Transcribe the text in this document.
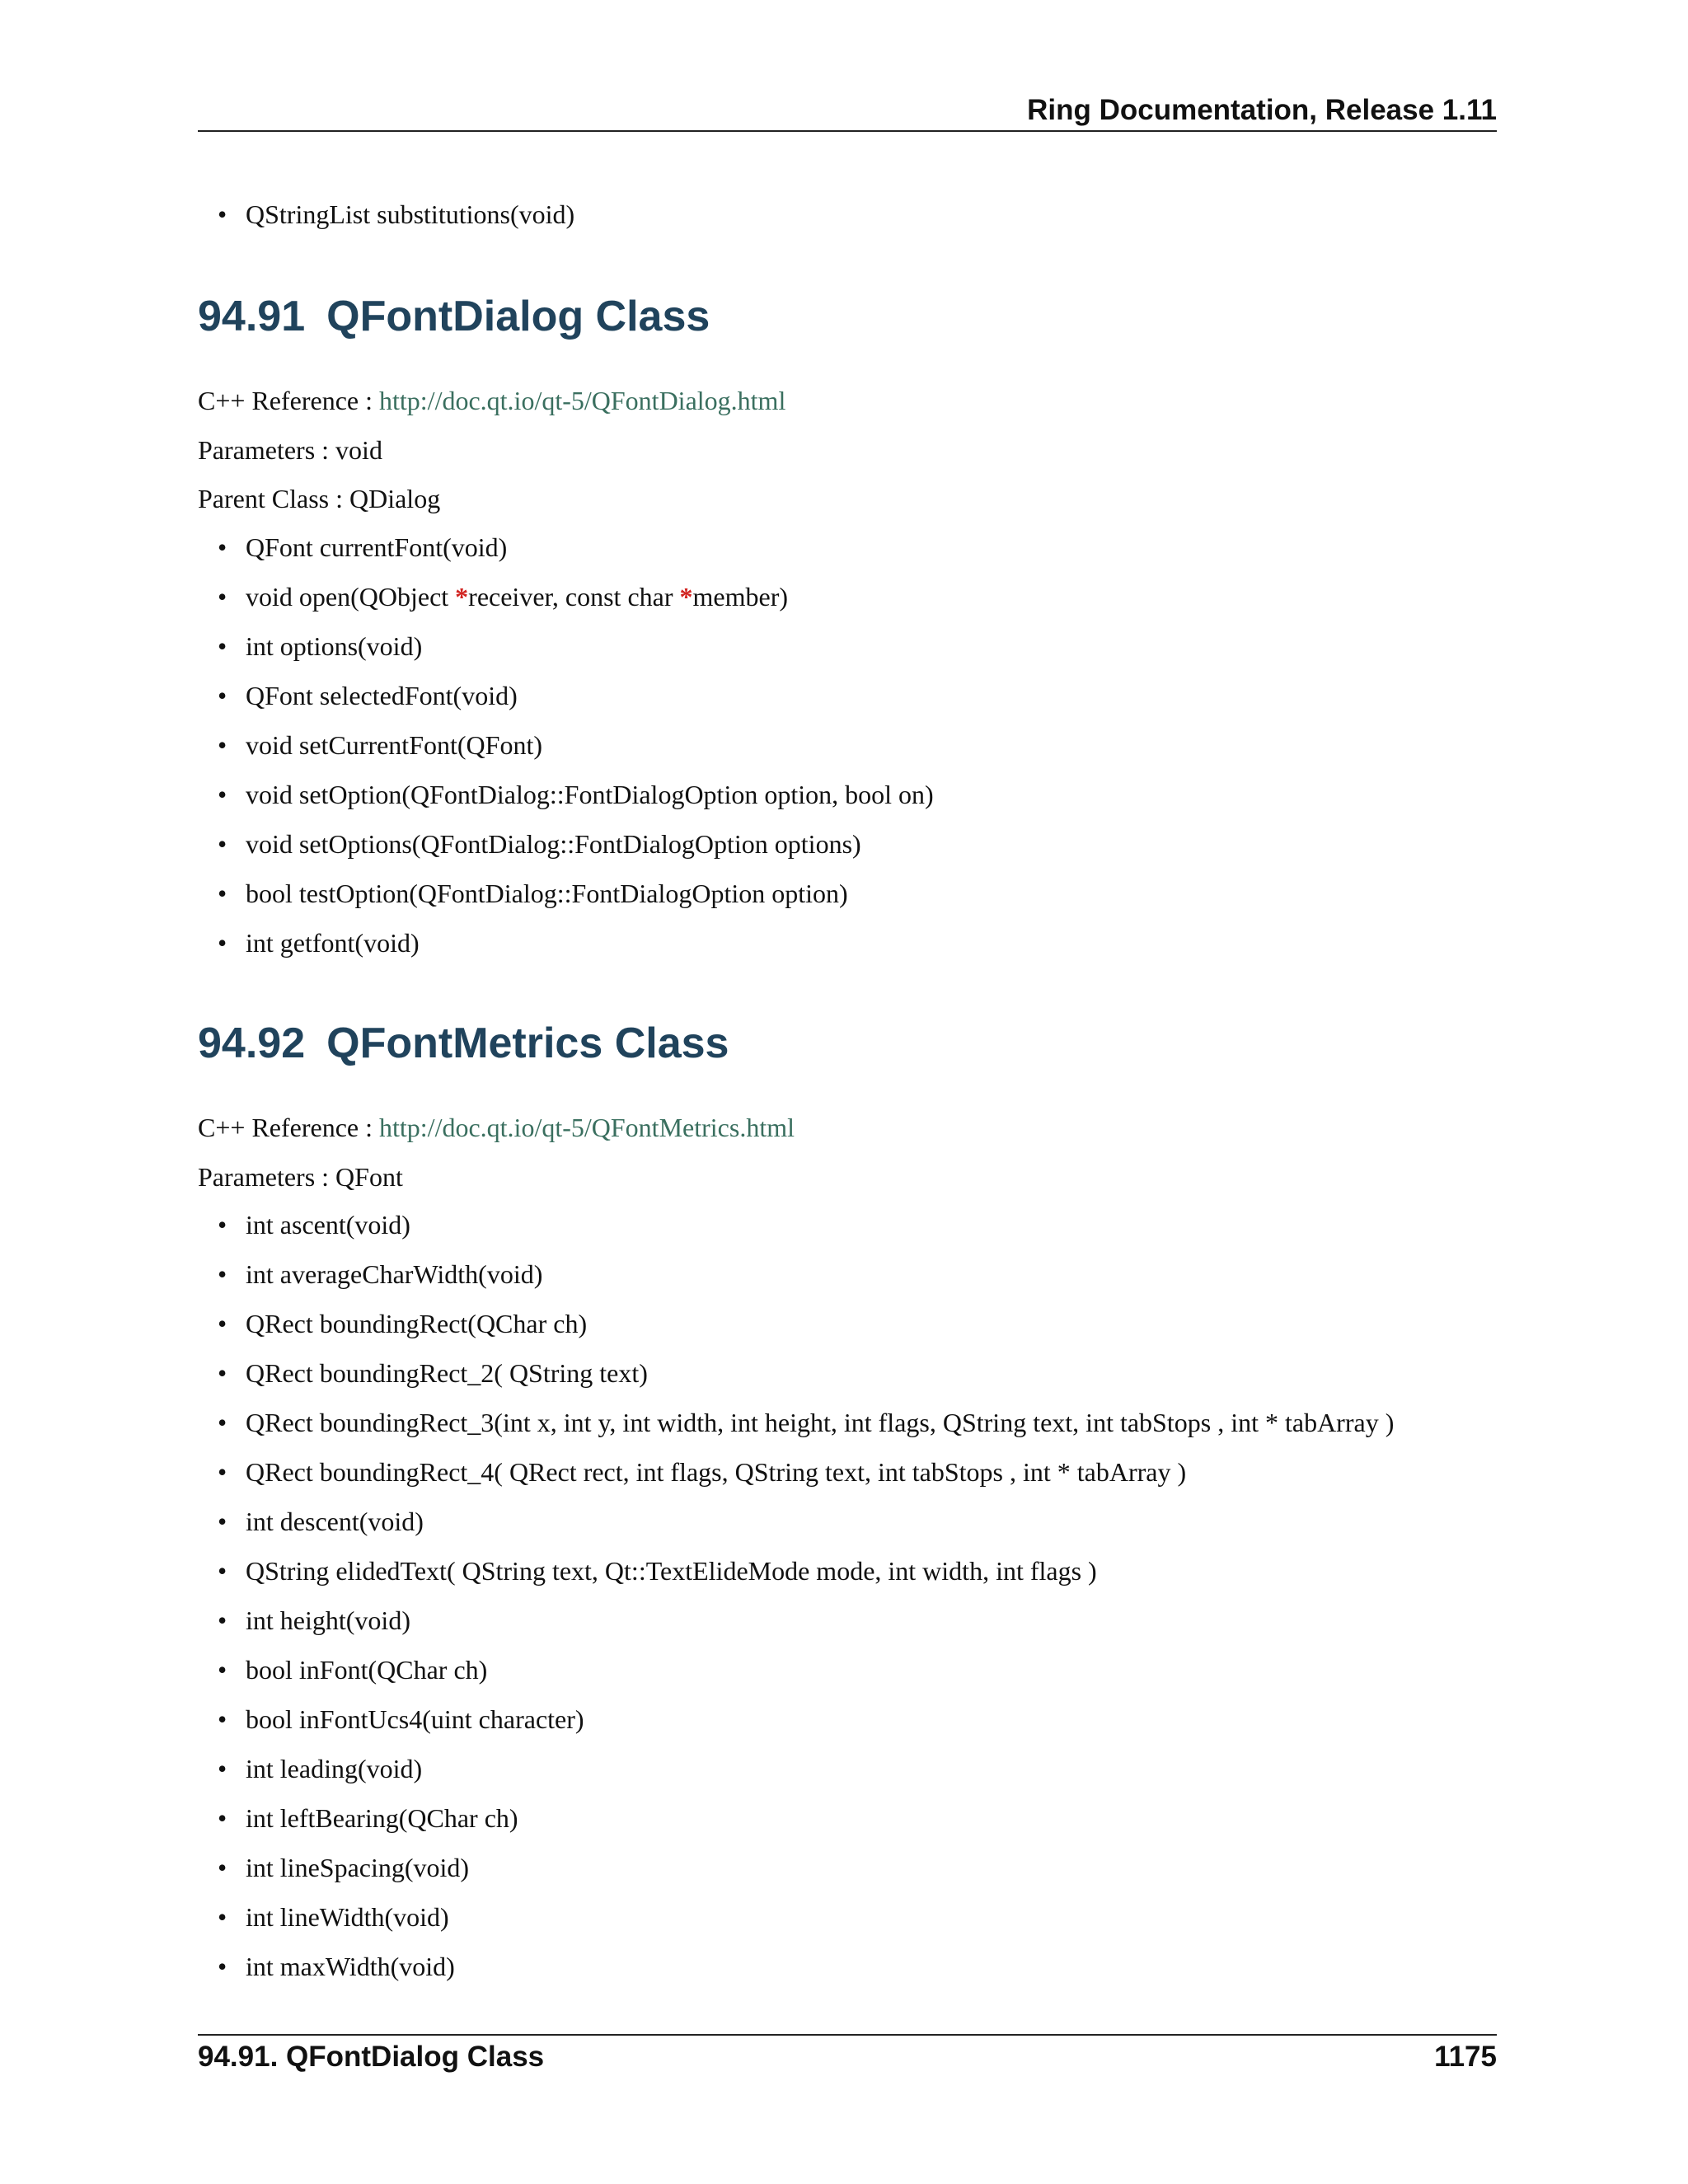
Ring Documentation, Release 1.11
• QStringList substitutions(void)
94.91 QFontDialog Class
C++ Reference : http://doc.qt.io/qt-5/QFontDialog.html
Parameters : void
Parent Class : QDialog
• QFont currentFont(void)
• void open(QObject *receiver, const char *member)
• int options(void)
• QFont selectedFont(void)
• void setCurrentFont(QFont)
• void setOption(QFontDialog::FontDialogOption option, bool on)
• void setOptions(QFontDialog::FontDialogOption options)
• bool testOption(QFontDialog::FontDialogOption option)
• int getfont(void)
94.92 QFontMetrics Class
C++ Reference : http://doc.qt.io/qt-5/QFontMetrics.html
Parameters : QFont
• int ascent(void)
• int averageCharWidth(void)
• QRect boundingRect(QChar ch)
• QRect boundingRect_2( QString text)
• QRect boundingRect_3(int x, int y, int width, int height, int flags, QString text, int tabStops , int * tabArray )
• QRect boundingRect_4( QRect rect, int flags, QString text, int tabStops , int * tabArray )
• int descent(void)
• QString elidedText( QString text, Qt::TextElideMode mode, int width, int flags )
• int height(void)
• bool inFont(QChar ch)
• bool inFontUcs4(uint character)
• int leading(void)
• int leftBearing(QChar ch)
• int lineSpacing(void)
• int lineWidth(void)
• int maxWidth(void)
94.91. QFontDialog Class	1175
